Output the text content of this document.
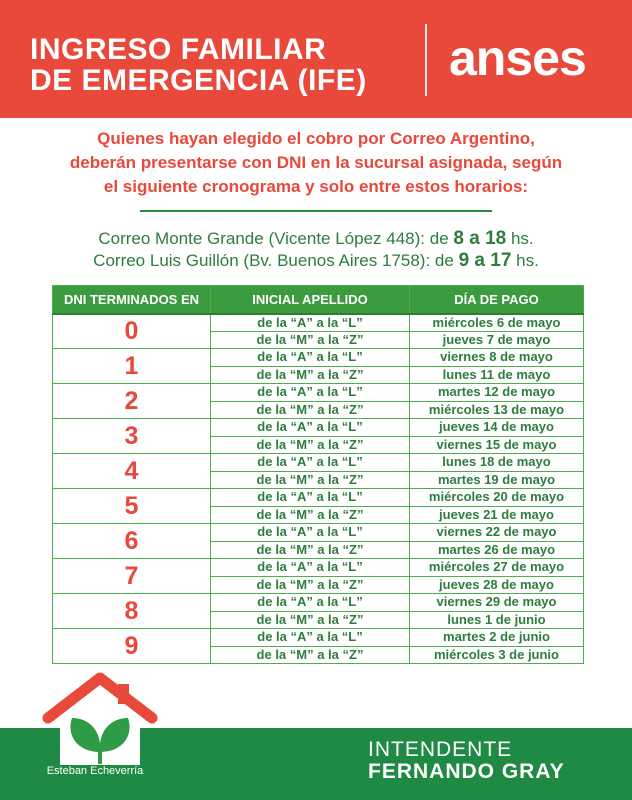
INGRESO FAMILIAR
DE EMERGENCIA (IFE) anses
Quienes hayan elegido el cobro por Correo Argentino,
deberán presentarse con DNI en la sucursal asignada, según
el siguiente cronograma y solo entre estos horarios:
Correo Monte Grande (Vicente López 448): de 8 a 18 hs.
Correo Luis Guillón (Bv. Buenos Aires 1758): de 9 a 17 hs.
DNI TERMINADOS EN	INICIAL APELLIDO	DÍA DE PAGO
0	de la “A” a la “L”	miércoles 6 de mayo
	de la “M” a la “Z”	jueves 7 de mayo
1	de la “A” a la “L”	viernes 8 de mayo
	de la “M” a la “Z”	lunes 11 de mayo
2	de la “A” a la “L”	martes 12 de mayo
	de la “M” a la “Z”	miércoles 13 de mayo
3	de la “A” a la “L”	jueves 14 de mayo
	de la “M” a la “Z”	viernes 15 de mayo
4	de la “A” a la “L”	lunes 18 de mayo
	de la “M” a la “Z”	martes 19 de mayo
5	de la “A” a la “L”	miércoles 20 de mayo
	de la “M” a la “Z”	jueves 21 de mayo
6	de la “A” a la “L”	viernes 22 de mayo
	de la “M” a la “Z”	martes 26 de mayo
7	de la “A” a la “L”	miércoles 27 de mayo
	de la “M” a la “Z”	jueves 28 de mayo
8	de la “A” a la “L”	viernes 29 de mayo
	de la “M” a la “Z”	lunes 1 de junio
9	de la “A” a la “L”	martes 2 de junio
	de la “M” a la “Z”	miércoles 3 de junio
Esteban Echeverría
INTENDENTE
FERNANDO GRAY
